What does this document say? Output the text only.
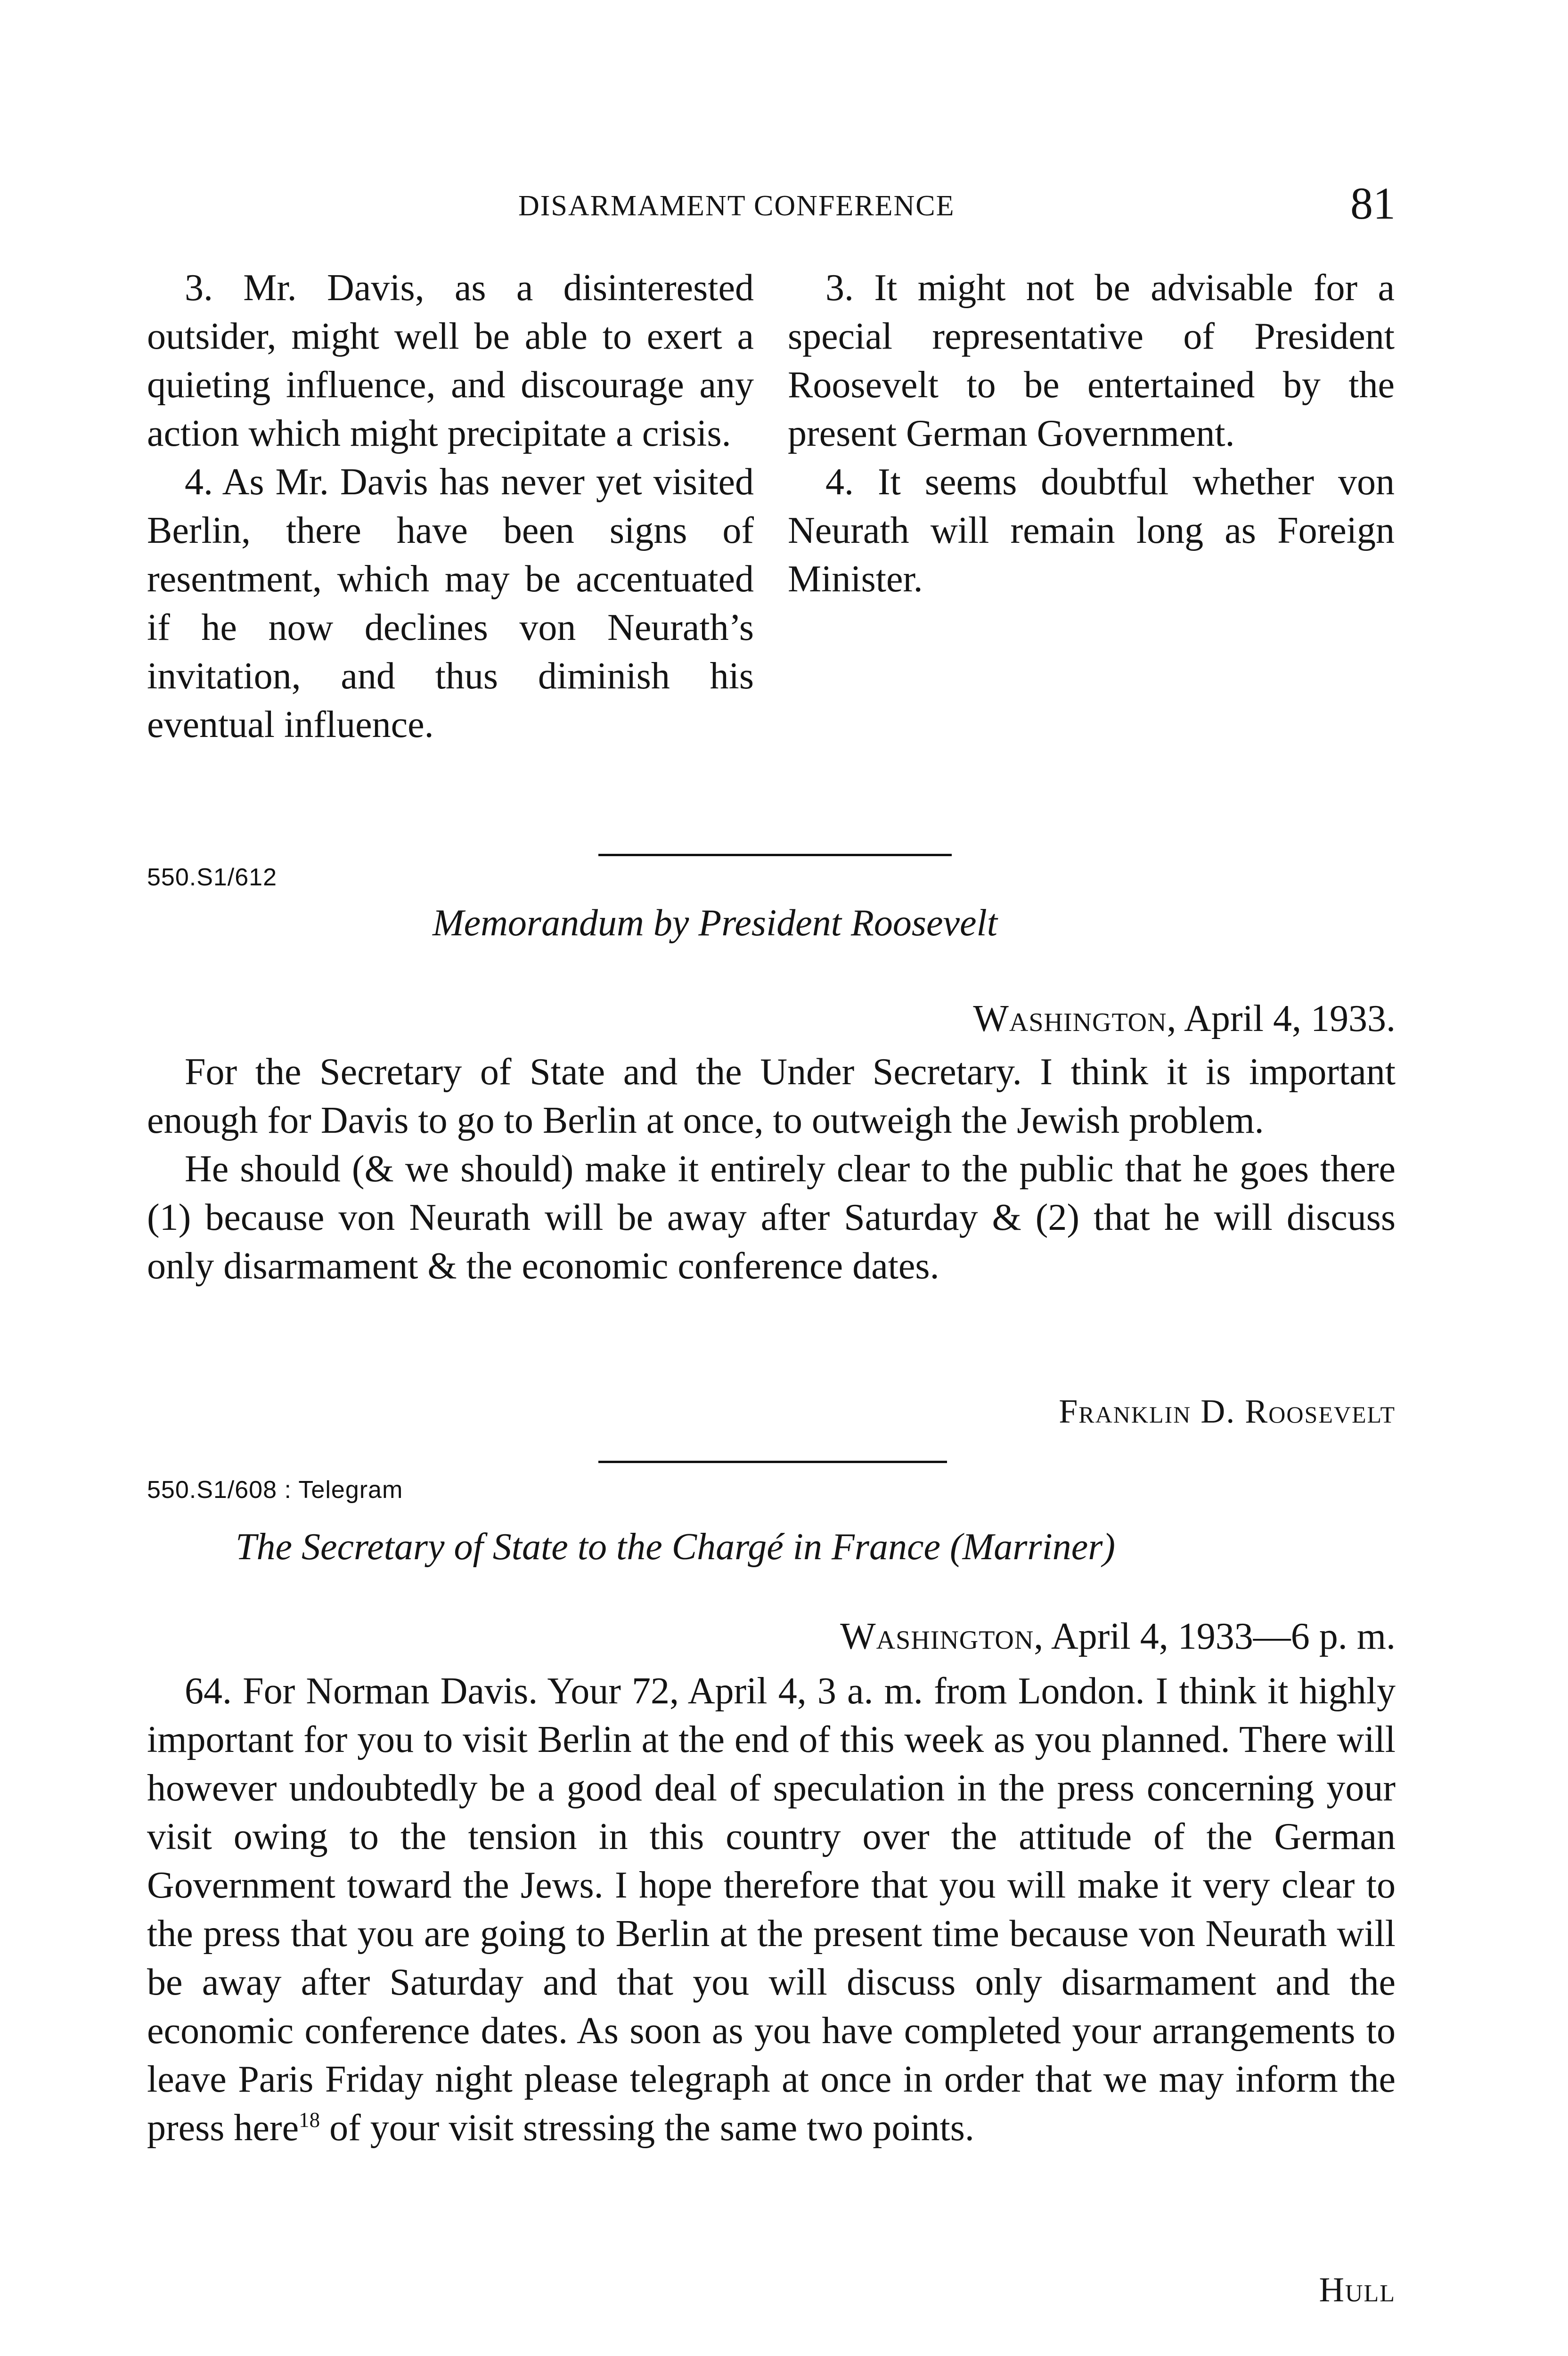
DISARMAMENT CONFERENCE	81

3. Mr. Davis, as a disinterested outsider, might well be able to exert a quieting influence, and discourage any action which might precipitate a crisis.

4. As Mr. Davis has never yet visited Berlin, there have been signs of resentment, which may be accentuated if he now declines von Neurath’s invitation, and thus diminish his eventual influence.

3. It might not be advisable for a special representative of President Roosevelt to be entertained by the present German Government.

4. It seems doubtful whether von Neurath will remain long as Foreign Minister.

550.S1/612
Memorandum by President Roosevelt
Washington, April 4, 1933.

For the Secretary of State and the Under Secretary. I think it is important enough for Davis to go to Berlin at once, to outweigh the Jewish problem.

He should (& we should) make it entirely clear to the public that he goes there (1) because von Neurath will be away after Saturday & (2) that he will discuss only disarmament & the economic conference dates.

Franklin D. Roosevelt
550.S1/608 : Telegram
The Secretary of State to the Chargé in France (Marriner)
Washington, April 4, 1933—6 p. m.

64. For Norman Davis. Your 72, April 4, 3 a. m. from London. I think it highly important for you to visit Berlin at the end of this week as you planned. There will however undoubtedly be a good deal of speculation in the press concerning your visit owing to the tension in this country over the attitude of the German Government toward the Jews. I hope therefore that you will make it very clear to the press that you are going to Berlin at the present time because von Neurath will be away after Saturday and that you will discuss only disarmament and the economic conference dates. As soon as you have completed your arrangements to leave Paris Friday night please telegraph at once in order that we may inform the press here$^{18}$ of your visit stressing the same two points.

Hull
